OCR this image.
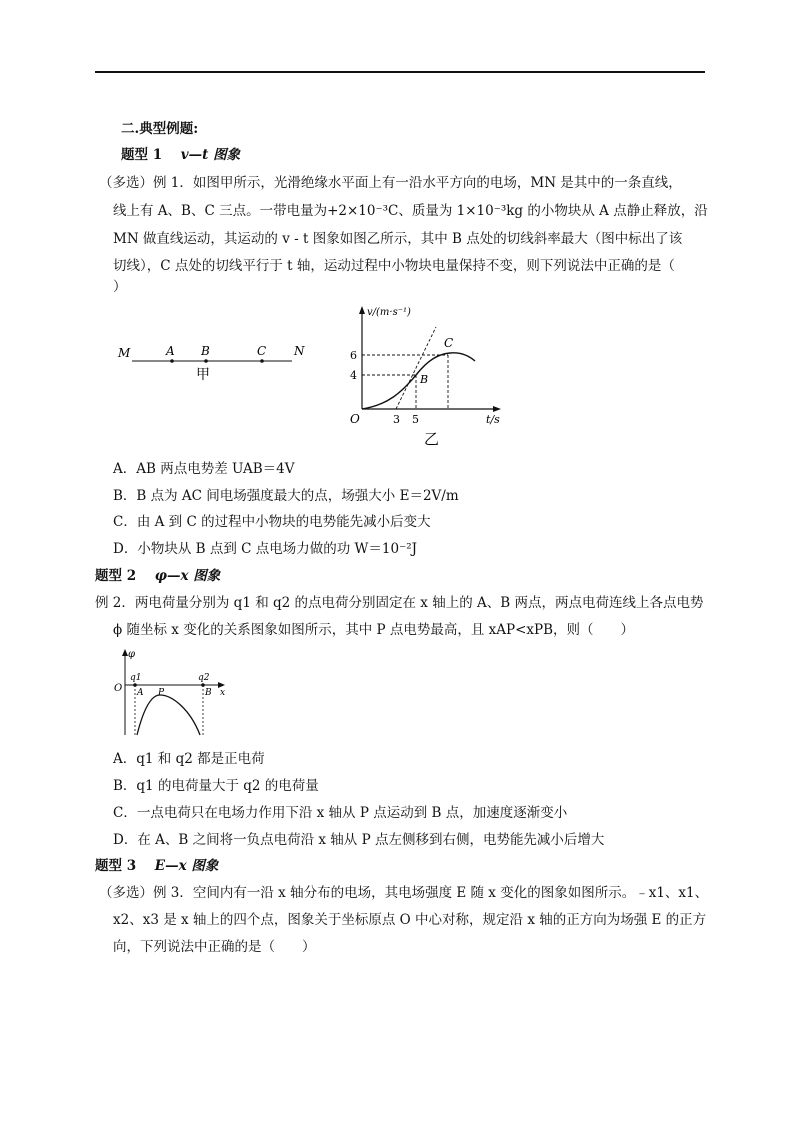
二.典型例题:
题型 1 v—t 图象
（多选）例 1．如图甲所示，光滑绝缘水平面上有一沿水平方向的电场，MN 是其中的一条直线，
线上有 A、B、C 三点。一带电量为+2×10⁻³C、质量为 1×10⁻³kg 的小物块从 A 点静止释放，沿
MN 做直线运动，其运动的 v - t 图象如图乙所示，其中 B 点处的切线斜率最大（图中标出了该
切线），C 点处的切线平行于 t 轴，运动过程中小物块电量保持不变，则下列说法中正确的是（
）
M	A B	C N
甲
v/(m·s⁻¹)
t/s
O
6
4
3 5
B
C
乙
A．AB 两点电势差 UAB＝4V
B．B 点为 AC 间电场强度最大的点，场强大小 E＝2V/m
C．由 A 到 C 的过程中小物块的电势能先减小后变大
D．小物块从 B 点到 C 点电场力做的功 W＝10⁻²J
题型 2 φ—x 图象
例 2．两电荷量分别为 q1 和 q2 的点电荷分别固定在 x 轴上的 A、B 两点，两点电荷连线上各点电势
ϕ 随坐标 x 变化的关系图象如图所示，其中 P 点电势最高，且 xAP<xPB，则（　　）
φ
O
q1	q2
A P	B x
A．q1 和 q2 都是正电荷
B．q1 的电荷量大于 q2 的电荷量
C．一点电荷只在电场力作用下沿 x 轴从 P 点运动到 B 点，加速度逐渐变小
D．在 A、B 之间将一负点电荷沿 x 轴从 P 点左侧移到右侧，电势能先减小后增大
题型 3 E—x 图象
（多选）例 3．空间内有一沿 x 轴分布的电场，其电场强度 E 随 x 变化的图象如图所示。﹣x1、x1、
x2、x3 是 x 轴上的四个点，图象关于坐标原点 O 中心对称，规定沿 x 轴的正方向为场强 E 的正方
向，下列说法中正确的是（　　）
